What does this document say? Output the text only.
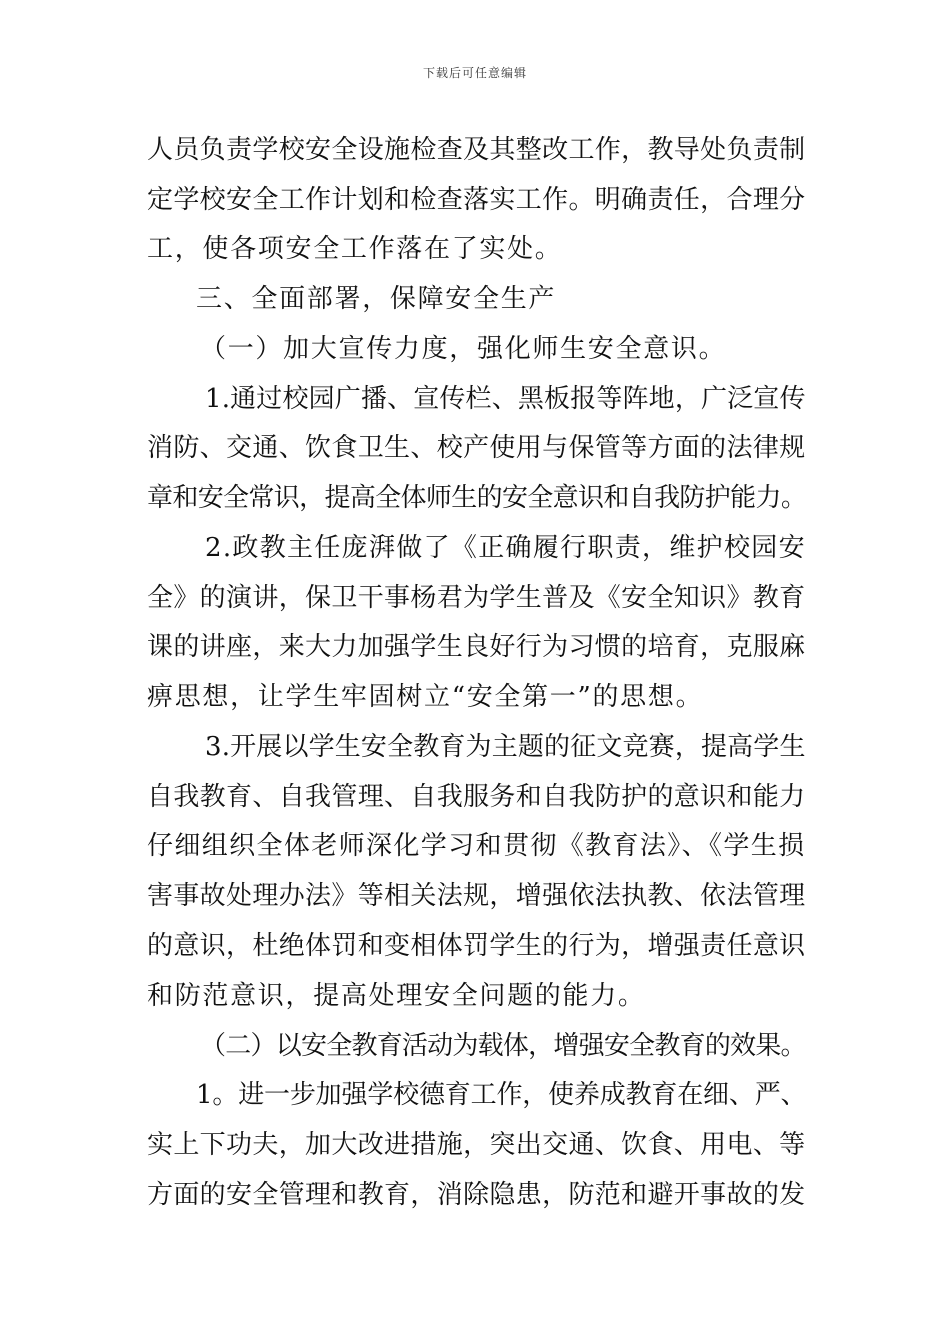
下载后可任意编辑
人员负责学校安全设施检查及其整改工作，教导处负责制
定学校安全工作计划和检查落实工作。明确责任，合理分
工，使各项安全工作落在了实处。
三、全面部署，保障安全生产
（一）加大宣传力度，强化师生安全意识。
1.通过校园广播、宣传栏、黑板报等阵地，广泛宣传
消防、交通、饮食卫生、校产使用与保管等方面的法律规
章和安全常识，提高全体师生的安全意识和自我防护能力。
2.政教主任庞湃做了《正确履行职责，维护校园安
全》的演讲，保卫干事杨君为学生普及《安全知识》教育
课的讲座，来大力加强学生良好行为习惯的培育，克服麻
痹思想，让学生牢固树立“安全第一”的思想。
3.开展以学生安全教育为主题的征文竞赛，提高学生
自我教育、自我管理、自我服务和自我防护的意识和能力
仔细组织全体老师深化学习和贯彻《教育法》、《学生损
害事故处理办法》等相关法规，增强依法执教、依法管理
的意识，杜绝体罚和变相体罚学生的行为，增强责任意识
和防范意识，提高处理安全问题的能力。
（二）以安全教育活动为载体，增强安全教育的效果。
1。进一步加强学校德育工作，使养成教育在细、严、
实上下功夫，加大改进措施，突出交通、饮食、用电、等
方面的安全管理和教育，消除隐患，防范和避开事故的发
